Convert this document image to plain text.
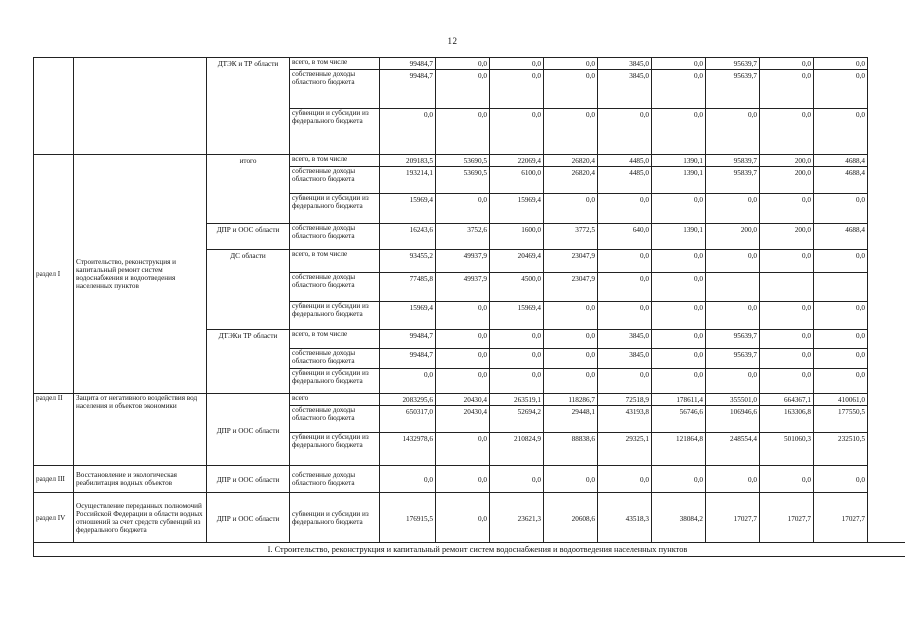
12
		ДТЭК и ТР области	всего, в том числе	99484,7	0,0	0,0	0,0	3845,0	0,0	95639,7	0,0	0,0
			собственные доходы областного бюджета	99484,7	0,0	0,0	0,0	3845,0	0,0	95639,7	0,0	0,0
			субвенции и субсидии из федерального бюджета	0,0	0,0	0,0	0,0	0,0	0,0	0,0	0,0	0,0
раздел I	Строительство, реконструкция и капитальный ремонт систем водоснабжения и водоотведения населенных пунктов	итого	всего, в том числе	209183,5	53690,5	22069,4	26820,4	4485,0	1390,1	95839,7	200,0	4688,4
			собственные доходы областного бюджета	193214,1	53690,5	6100,0	26820,4	4485,0	1390,1	95839,7	200,0	4688,4
			субвенции и субсидии из федерального бюджета	15969,4	0,0	15969,4	0,0	0,0	0,0	0,0	0,0	0,0
		ДПР и ООС области	собственные доходы областного бюджета	16243,6	3752,6	1600,0	3772,5	640,0	1390,1	200,0	200,0	4688,4
		ДС области	всего, в том числе	93455,2	49937,9	20469,4	23047,9	0,0	0,0	0,0	0,0	0,0
			собственные доходы областного бюджета	77485,8	49937,9	4500,0	23047,9	0,0	0,0			
			субвенции и субсидии из федерального бюджета	15969,4	0,0	15969,4	0,0	0,0	0,0	0,0	0,0	0,0
		ДТЭКи ТР области	всего, в том числе	99484,7	0,0	0,0	0,0	3845,0	0,0	95639,7	0,0	0,0
			собственные доходы областного бюджета	99484,7	0,0	0,0	0,0	3845,0	0,0	95639,7	0,0	0,0
			субвенции и субсидии из федерального бюджета	0,0	0,0	0,0	0,0	0,0	0,0	0,0	0,0	0,0
раздел II	Защита от негативного воздействия вод населения и объектов экономики	ДПР и ООС области	всего	2083295,6	20430,4	263519,1	118286,7	72518,9	178611,4	355501,0	664367,1	410061,0
			собственные доходы областного бюджета	650317,0	20430,4	52694,2	29448,1	43193,8	56746,6	106946,6	163306,8	177550,5
			субвенции и субсидии из федерального бюджета	1432978,6	0,0	210824,9	88838,6	29325,1	121864,8	248554,4	501060,3	232510,5
раздел III	Восстановление и экологическая реабилитация водных объектов	ДПР и ООС области	собственные доходы областного бюджета	0,0	0,0	0,0	0,0	0,0	0,0	0,0	0,0	0,0
раздел IV	Осуществление переданных полномочий Российской Федерации в области водных отношений за счет средств субвенций из федерального бюджета	ДПР и ООС области	субвенции и субсидии из федерального бюджета	176915,5	0,0	23621,3	20608,6	43518,3	38084,2	17027,7	17027,7	17027,7
I. Строительство, реконструкция и капитальный ремонт систем водоснабжения и водоотведения населенных пунктов												
